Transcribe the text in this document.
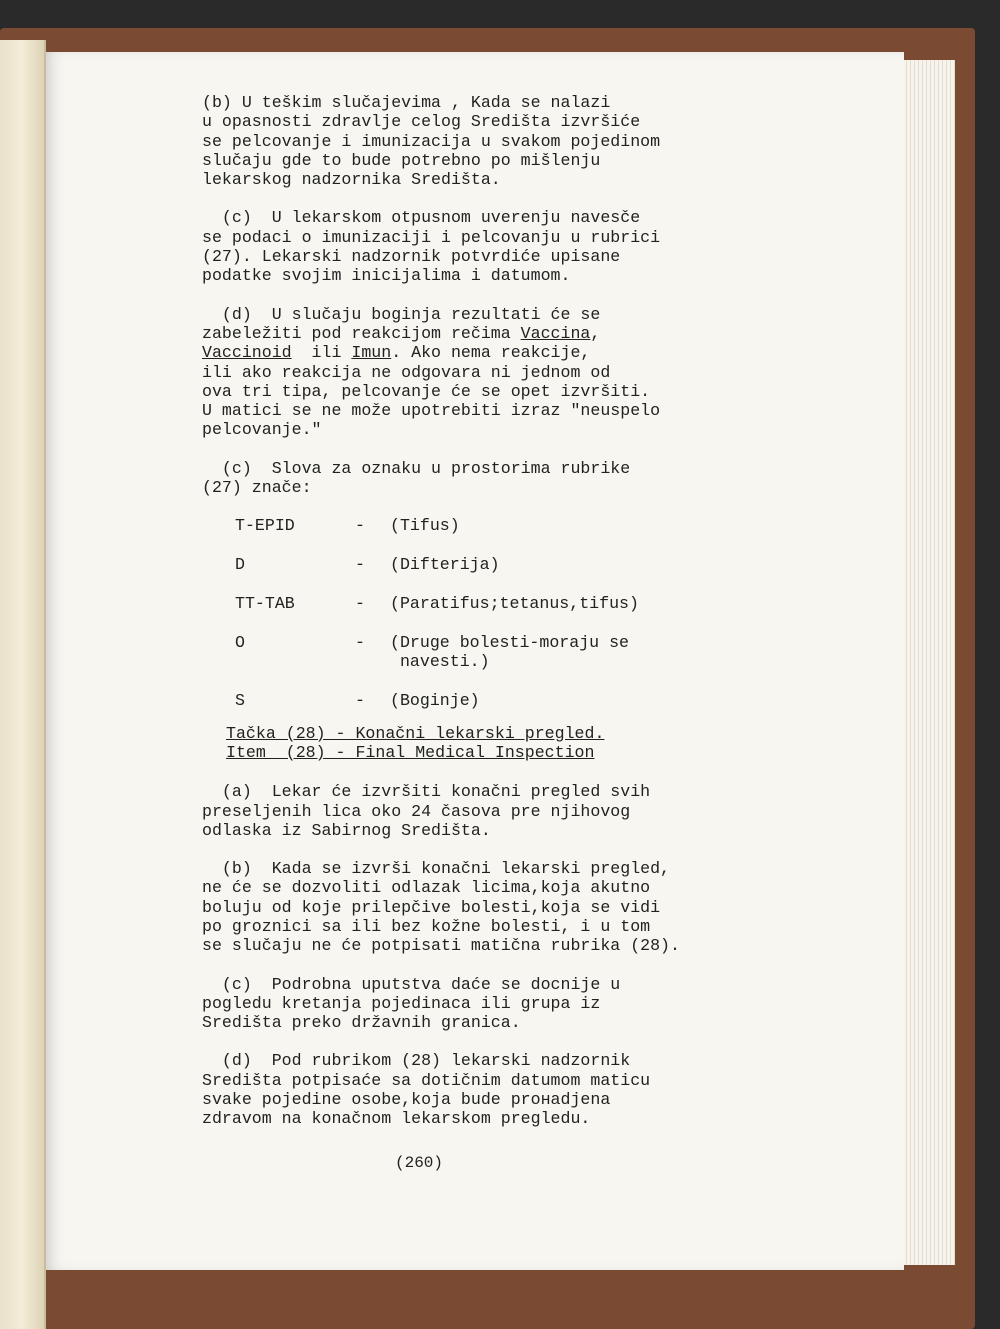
(b) U teškim slučajevima , Kada se nalazi
u opasnosti zdravlje celog Središta izvršiće
se pelcovanje i imunizacija u svakom pojedinom
slučaju gde to bude potrebno po mišlenju
lekarskog nadzornika Središta.

(c)  U lekarskom otpusnom uverenju navesče
se podaci o imunizaciji i pelcovanju u rubrici
(27). Lekarski nadzornik potvrdiće upisane
podatke svojim inicijalima i datumom.

(d)  U slučaju boginja rezultati će se
zabeležiti pod reakcijom rečima Vaccina,
Vaccinoid  ili Imun. Ako nema reakcije,
ili ako reakcija ne odgovara ni jednom od
ova tri tipa, pelcovanje će se opet izvršiti.
U matici se ne može upotrebiti izraz "neuspelo
pelcovanje."

(c)  Slova za oznaku u prostorima rubrike
(27) znače:

T-EPID	-	(Tifus)
D	-	(Difterija)
TT-TAB	-	(Paratifus;tetanus,tifus)
O	-	(Druge bolesti-moraju se
navesti.)
S	-	(Boginje)
Tačka (28) - Konačni lekarski pregled.
Item  (28) - Final Medical Inspection

(a)  Lekar će izvršiti konačni pregled svih
preseljenih lica oko 24 časova pre njihovog
odlaska iz Sabirnog Središta.

(b)  Kada se izvrši konačni lekarski pregled,
ne će se dozvoliti odlazak licima,koja akutno
boluju od koje prilepčive bolesti,koja se vidi
po groznici sa ili bez kožne bolesti, i u tom
se slučaju ne će potpisati matična rubrika (28).

(c)  Podrobna uputstva daće se docnije u
pogledu kretanja pojedinaca ili grupa iz
Središta preko državnih granica.

(d)  Pod rubrikom (28) lekarski nadzornik
Središta potpisaće sa dotičnim datumom maticu
svake pojedine osobe,koja bude proнadjena
zdravom na konačnom lekarskom pregledu.

(260)
